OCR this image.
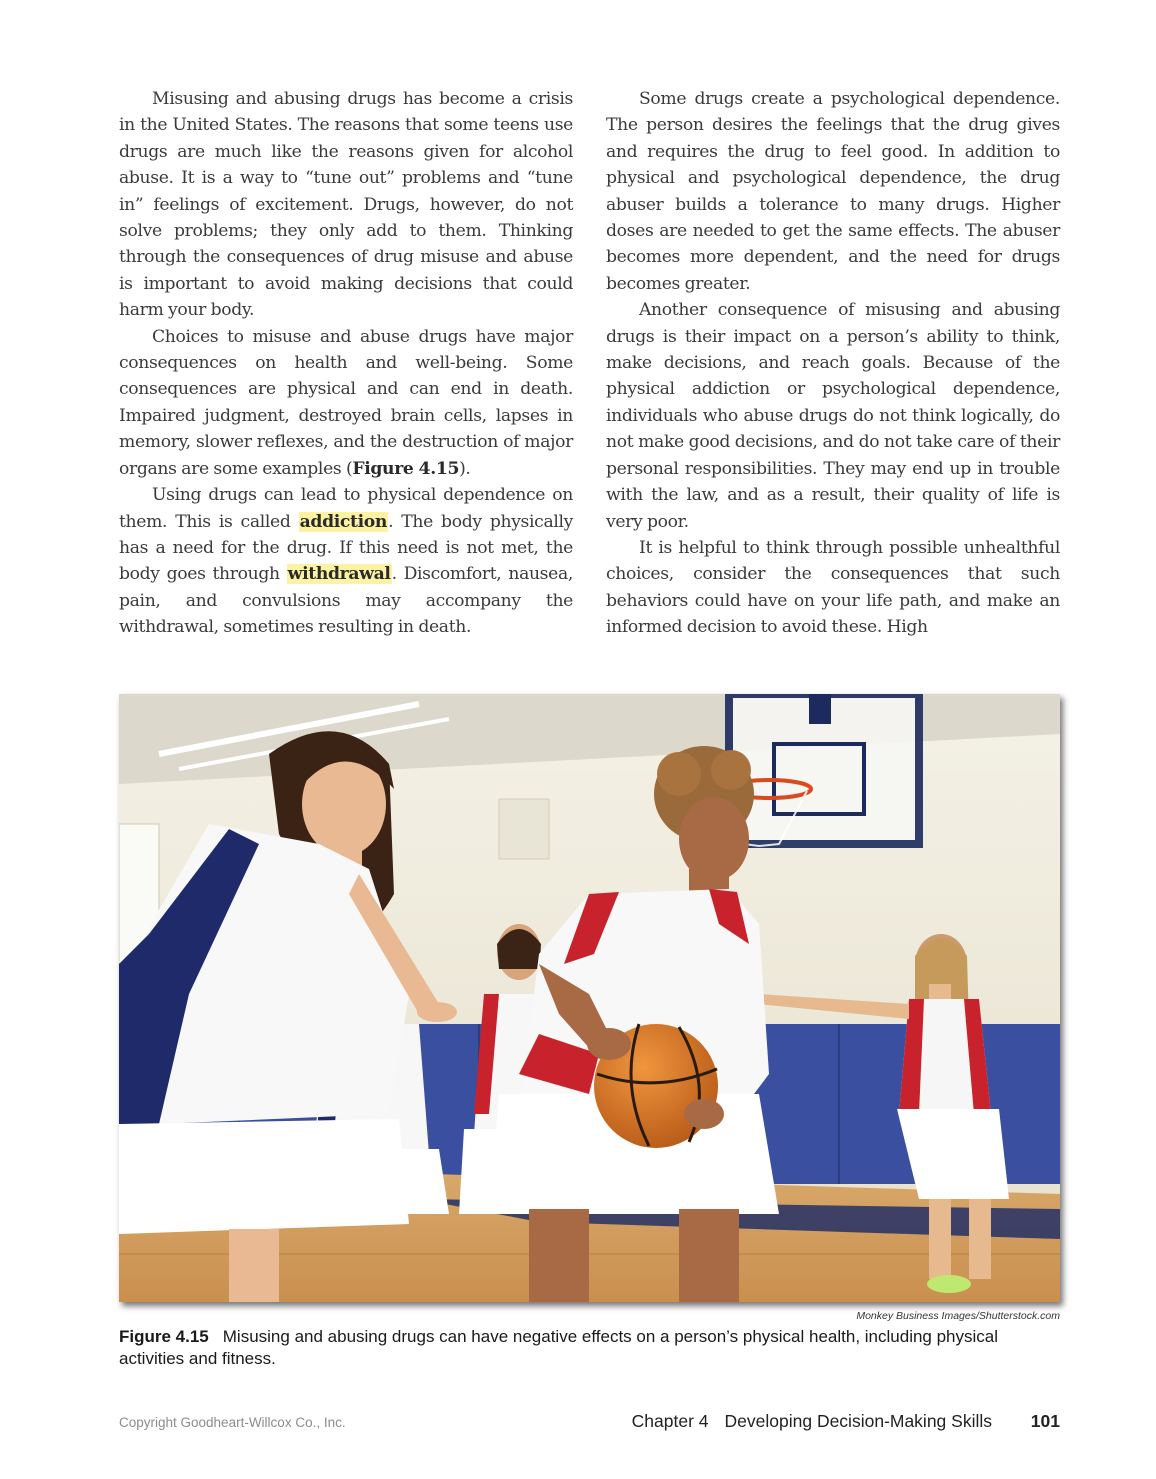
Misusing and abusing drugs has become a crisis in the United States. The reasons that some teens use drugs are much like the reasons given for alcohol abuse. It is a way to “tune out” problems and “tune in” feelings of excitement. Drugs, however, do not solve problems; they only add to them. Thinking through the consequences of drug misuse and abuse is important to avoid making decisions that could harm your body.

Choices to misuse and abuse drugs have major consequences on health and well-being. Some consequences are physical and can end in death. Impaired judgment, destroyed brain cells, lapses in memory, slower reflexes, and the destruction of major organs are some examples (Figure 4.15).

Using drugs can lead to physical dependence on them. This is called addiction. The body physically has a need for the drug. If this need is not met, the body goes through withdrawal. Discomfort, nausea, pain, and convulsions may accompany the withdrawal, sometimes resulting in death.

Some drugs create a psychological dependence. The person desires the feelings that the drug gives and requires the drug to feel good. In addition to physical and psychological dependence, the drug abuser builds a tolerance to many drugs. Higher doses are needed to get the same effects. The abuser becomes more dependent, and the need for drugs becomes greater.

Another consequence of misusing and abusing drugs is their impact on a person’s ability to think, make decisions, and reach goals. Because of the physical addiction or psychological dependence, individuals who abuse drugs do not think logically, do not make good decisions, and do not take care of their personal responsibilities. They may end up in trouble with the law, and as a result, their quality of life is very poor.

It is helpful to think through possible unhealthful choices, consider the consequences that such behaviors could have on your life path, and make an informed decision to avoid these. High

Monkey Business Images/Shutterstock.com
Figure 4.15 Misusing and abusing drugs can have negative effects on a person’s physical health, including physical activities and fitness.
Copyright Goodheart-Willcox Co., Inc.	Chapter 4 Developing Decision-Making Skills 101
